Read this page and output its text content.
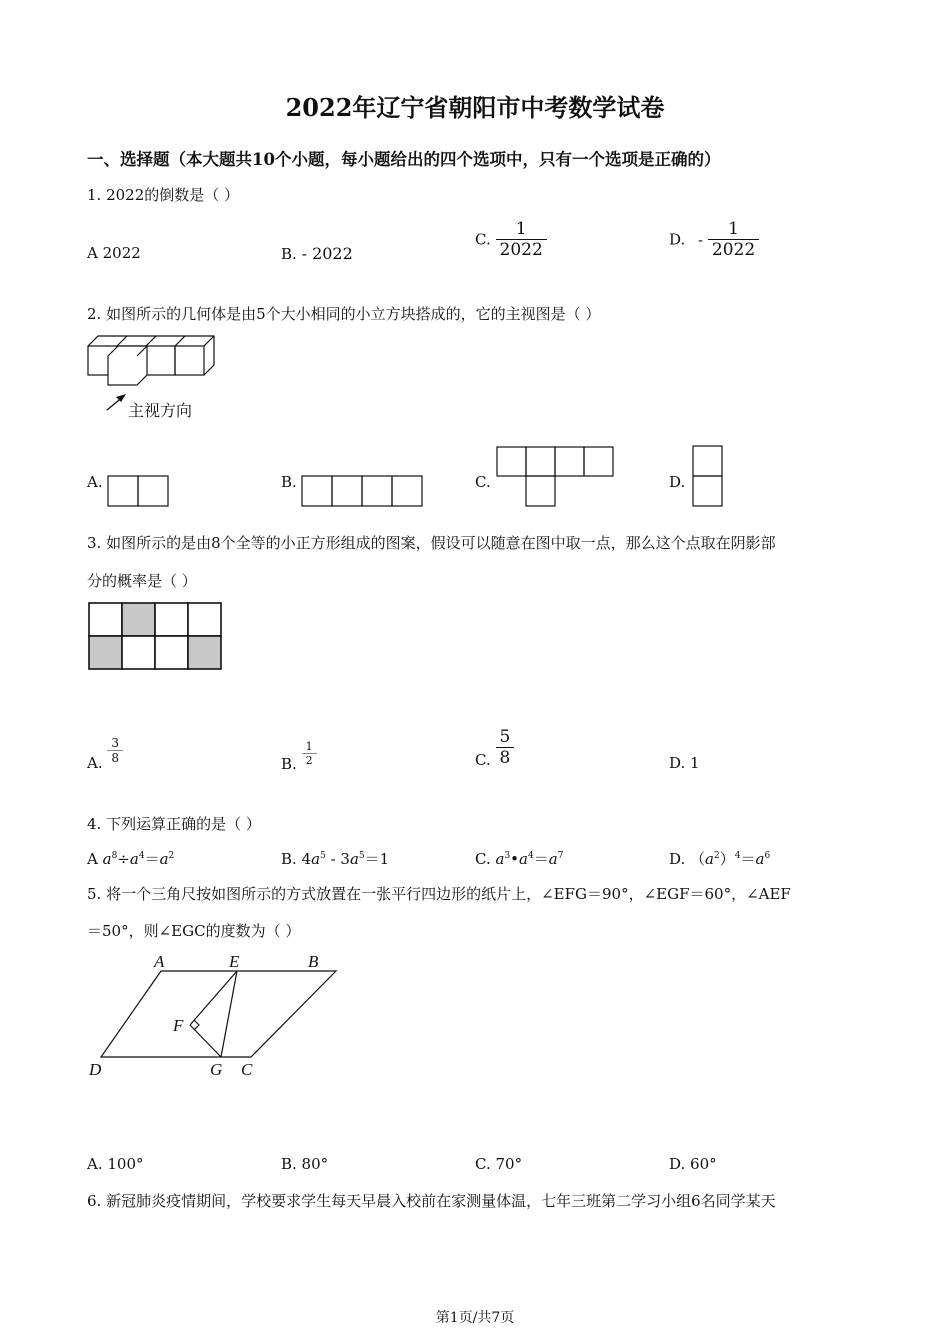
2022年辽宁省朝阳市中考数学试卷
一、选择题（本大题共10个小题，每小题给出的四个选项中，只有一个选项是正确的）
1. 2022的倒数是（ ）
A 2022	B. - 2022
C. $\frac{1}{2022}$	D. - $\frac{1}{2022}$
2. 如图所示的几何体是由5个大小相同的小立方块搭成的，它的主视图是（ ）
主视方向
A.	B.	C.	D.
3. 如图所示的是由8个全等的小正方形组成的图案，假设可以随意在图中取一点，那么这个点取在阴影部
分的概率是（ ）
A. $\frac{3}{8}$	B. $\frac{1}{2}$	C. $\frac{5}{8}$	D. 1
4. 下列运算正确的是（ ）
A $a^8\div a^4=a^2$	B. $4a^5 - 3a^5=1$	C. $a^3•a^4=a^7$	D. $(a^2)^4=a^6$
5. 将一个三角尺按如图所示的方式放置在一张平行四边形的纸片上，∠EFG＝90°，∠EGF＝60°，∠AEF
＝50°，则∠EGC的度数为（ ）
A	E	B
F
D	G C
A. 100°	B. 80°	C. 70°	D. 60°
6. 新冠肺炎疫情期间，学校要求学生每天早晨入校前在家测量体温，七年三班第二学习小组6名同学某天
第1页/共7页
